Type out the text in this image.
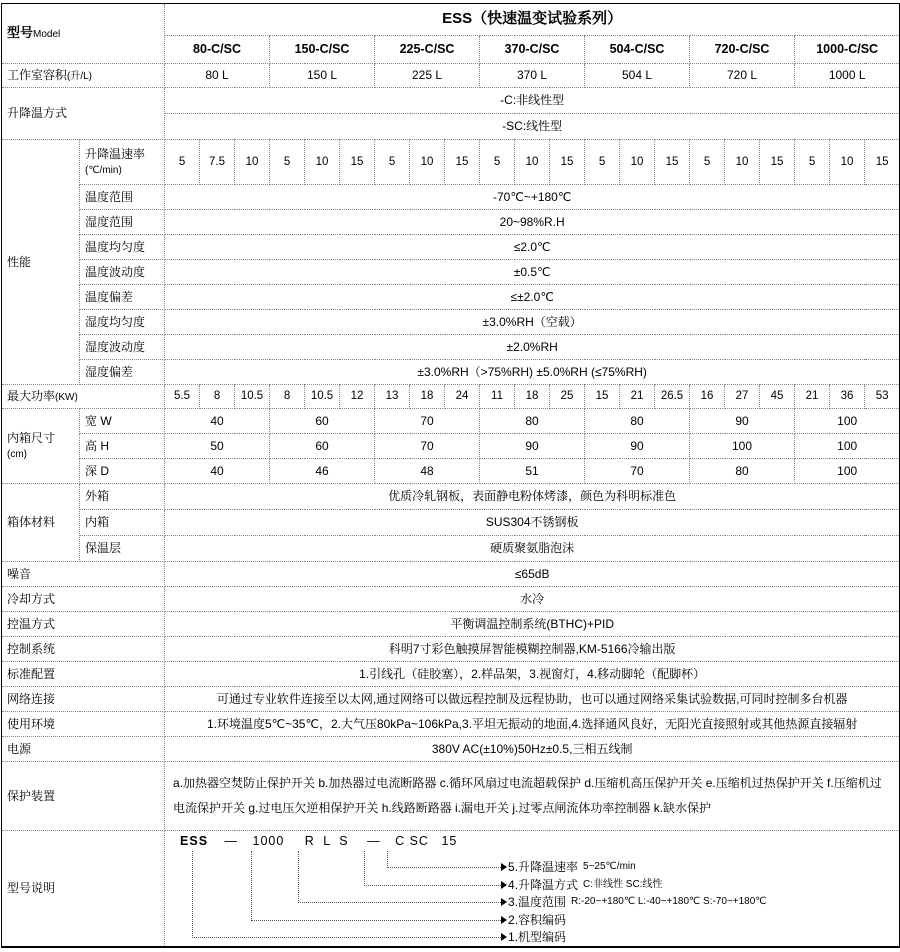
型号Model		ESS（快速温变试验系列）																				
		80-C/SC			150-C/SC			225-C/SC			370-C/SC			504-C/SC			720-C/SC			1000-C/SC		
工作室容积(升/L)		80 L			150 L			225 L			370 L			504 L			720 L			1000 L		
升降温方式		-C:非线性型																				
		-SC:线性型																				
性能	升降温速率
(℃/min)	5	7.5	10	5	10	15	5	10	15	5	10	15	5	10	15	5	10	15	5	10	15
	温度范围	-70℃~+180℃																				
	湿度范围	20~98%R.H																				
	温度均匀度	≤2.0℃																				
	温度波动度	±0.5℃																				
	温度偏差	≤±2.0℃																				
	湿度均匀度	±3.0%RH（空载）																				
	湿度波动度	±2.0%RH																				
	湿度偏差	±3.0%RH（>75%RH) ±5.0%RH (≤75%RH)																				
最大功率(KW)		5.5	8	10.5	8	10.5	12	13	18	24	11	18	25	15	21	26.5	16	27	45	21	36	53
内箱尺寸
(cm)	宽 W	40			60			70			80			80			90			100		
	高 H	50			60			70			90			90			100			100		
	深 D	40			46			48			51			70			80			100		
箱体材料	外箱	优质冷轧钢板，表面静电粉体烤漆，颜色为科明标准色																				
	内箱	SUS304不锈钢板																				
	保温层	硬质聚氨脂泡沫																				
噪音		≤65dB																				
冷却方式		水冷																				
控温方式		平衡调温控制系统(BTHC)+PID																				
控制系统		科明7寸彩色触摸屏智能模糊控制器,KM-5166冷输出版																				
标准配置		1.引线孔（硅胶塞），2.样品架，3.视窗灯，4.移动脚轮（配脚杯）																				
网络连接		可通过专业软件连接至以太网,通过网络可以做远程控制及远程协助，也可以通过网络采集试验数据,可同时控制多台机器																				
使用环境		1.环境温度5℃~35℃，2.大气压80kPa~106kPa,3.平坦无振动的地面,4.选择通风良好，无阳光直接照射或其他热源直接辐射																				
电源		380V AC(±10%)50Hz±0.5,三相五线制																				
保护装置		a.加热器空焚防止保护开关 b.加热器过电流断路器 c.循环风扇过电流超载保护 d.压缩机高压保护开关 e.压缩机过热保护开关 f.压缩机过电流保护开关 g.过电压欠逆相保护开关 h.线路断路器 i.漏电开关 j.过零点闸流体功率控制器 k.缺水保护																				
型号说明	
ESS — 1000 R L S — C SC 15
5.升降温速率 5~25℃/min
4.升降温方式 C:非线性 SC:线性
3.温度范围 R:-20~+180℃ L:-40~+180℃ S:-70~+180℃
2.容积编码
1.机型编码
